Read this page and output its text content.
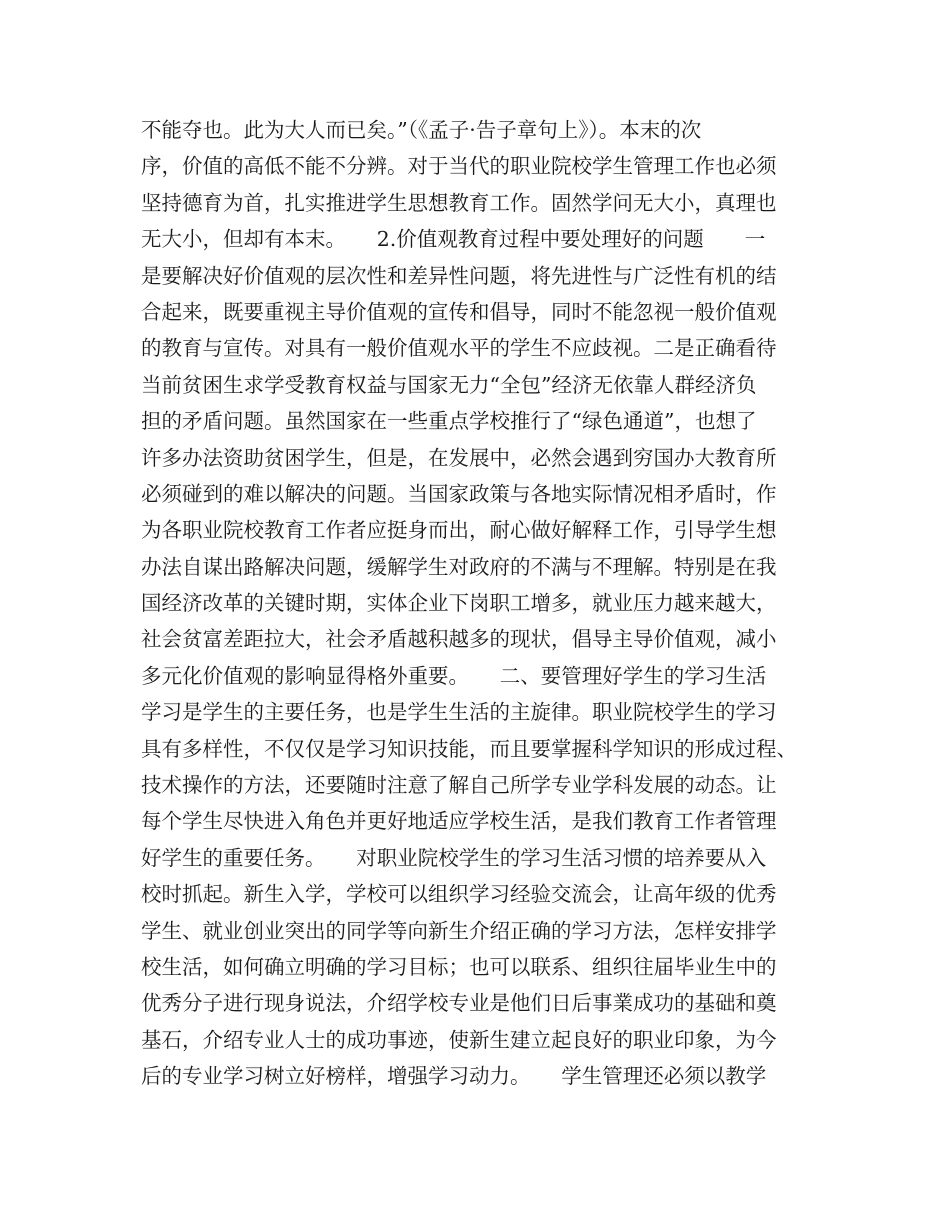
不能夺也。此为大人而已矣。”（《孟子·告子章句上》）。本末的次
序，价值的高低不能不分辨。对于当代的职业院校学生管理工作也必须
坚持德育为首，扎实推进学生思想教育工作。固然学问无大小，真理也
无大小，但却有本末。　　2.价值观教育过程中要处理好的问题　　一
是要解决好价值观的层次性和差异性问题，将先进性与广泛性有机的结
合起来，既要重视主导价值观的宣传和倡导，同时不能忽视一般价值观
的教育与宣传。对具有一般价值观水平的学生不应歧视。二是正确看待
当前贫困生求学受教育权益与国家无力“全包”经济无依靠人群经济负
担的矛盾问题。虽然国家在一些重点学校推行了“绿色通道”，也想了
许多办法资助贫困学生，但是，在发展中，必然会遇到穷国办大教育所
必须碰到的难以解决的问题。当国家政策与各地实际情况相矛盾时，作
为各职业院校教育工作者应挺身而出，耐心做好解释工作，引导学生想
办法自谋出路解决问题，缓解学生对政府的不满与不理解。特别是在我
国经济改革的关键时期，实体企业下岗职工增多，就业压力越来越大，
社会贫富差距拉大，社会矛盾越积越多的现状，倡导主导价值观，减小
多元化价值观的影响显得格外重要。　　二、要管理好学生的学习生活
学习是学生的主要任务，也是学生生活的主旋律。职业院校学生的学习
具有多样性，不仅仅是学习知识技能，而且要掌握科学知识的形成过程、
技术操作的方法，还要随时注意了解自己所学专业学科发展的动态。让
每个学生尽快进入角色并更好地适应学校生活，是我们教育工作者管理
好学生的重要任务。　　对职业院校学生的学习生活习惯的培养要从入
校时抓起。新生入学，学校可以组织学习经验交流会，让高年级的优秀
学生、就业创业突出的同学等向新生介绍正确的学习方法，怎样安排学
校生活，如何确立明确的学习目标；也可以联系、组织往届毕业生中的
优秀分子进行现身说法，介绍学校专业是他们日后事業成功的基础和奠
基石，介绍专业人士的成功事迹，使新生建立起良好的职业印象，为今
后的专业学习树立好榜样，增强学习动力。　　学生管理还必须以教学
